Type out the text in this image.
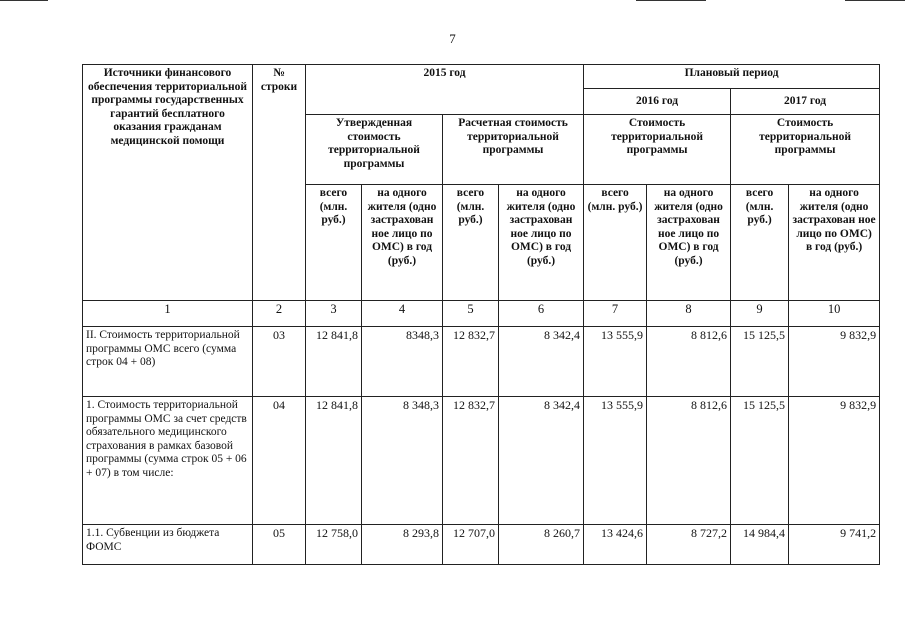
7
Источники финансового обеспечения территориальной программы государственных гарантий бесплатного оказания гражданам медицинской помощи	№ строки	2015 год				Плановый период			
						2016 год		2017 год	
		Утвержденная стоимость территориальной программы		Расчетная стоимость территориальной программы		Стоимость территориальной программы		Стоимость территориальной программы	
		всего (млн. руб.)	на одного жителя (одно застрахован ное лицо по ОМС) в год (руб.)	всего (млн. руб.)	на одного жителя (одно застрахован ное лицо по ОМС) в год (руб.)	всего (млн. руб.)	на одного жителя (одно застрахован ное лицо по ОМС) в год (руб.)	всего (млн. руб.)	на одного жителя (одно застрахован ное лицо по ОМС) в год (руб.)
1	2	3	4	5	6	7	8	9	10
II. Стоимость территориальной программы ОМС всего (сумма строк 04 + 08)	03	12 841,8	8348,3	12 832,7	8 342,4	13 555,9	8 812,6	15 125,5	9 832,9
1. Стоимость территориальной программы ОМС за счет средств обязательного медицинского страхования в рамках базовой программы (сумма строк 05 + 06 + 07) в том числе:	04	12 841,8	8 348,3	12 832,7	8 342,4	13 555,9	8 812,6	15 125,5	9 832,9
1.1. Субвенции из бюджета ФОМС	05	12 758,0	8 293,8	12 707,0	8 260,7	13 424,6	8 727,2	14 984,4	9 741,2
